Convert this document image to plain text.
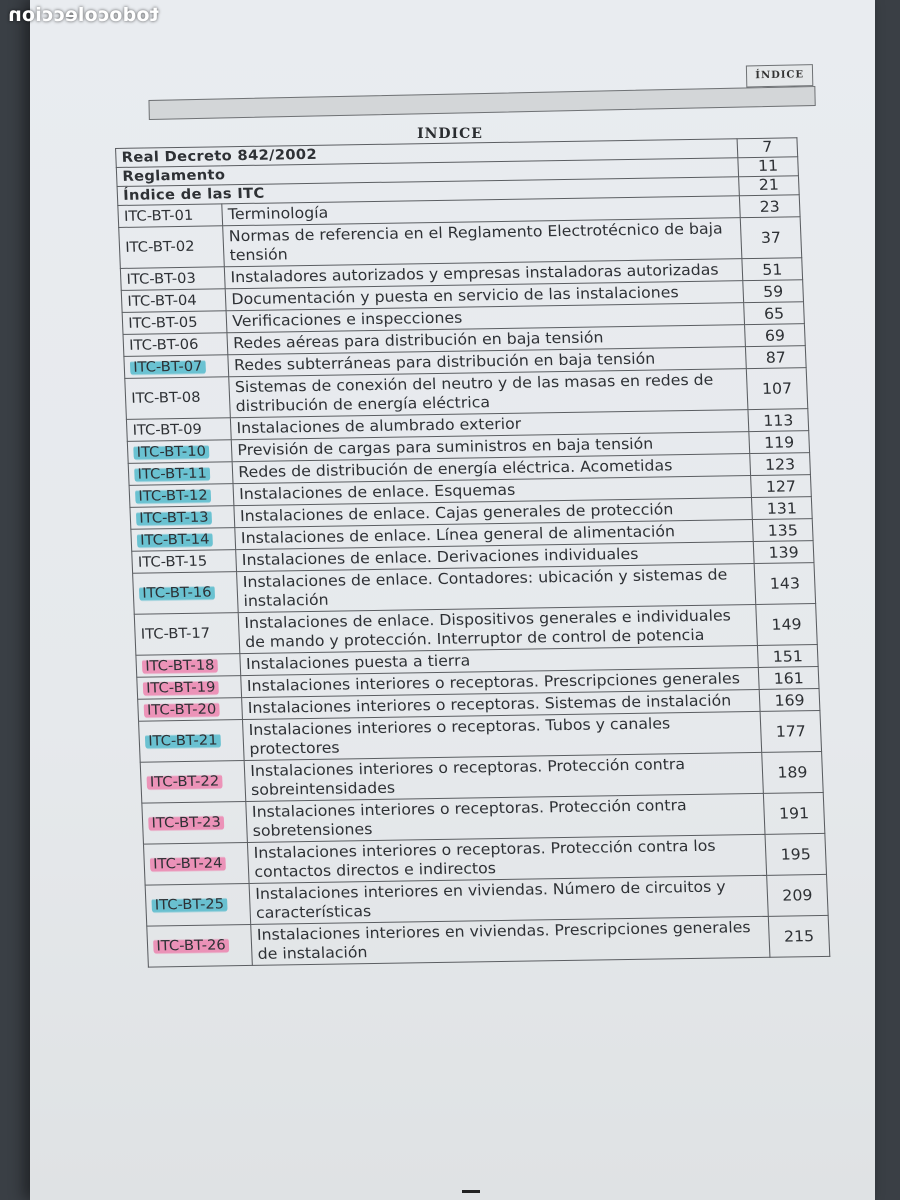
ÍNDICE
todocoleccion
INDICE
Real Decreto 842/2002		7
Reglamento		11
Índice de las ITC		21
ITC-BT-01	Terminología	23
ITC-BT-02	Normas de referencia en el Reglamento Electrotécnico de baja tensión	37
ITC-BT-03	Instaladores autorizados y empresas instaladoras autorizadas	51
ITC-BT-04	Documentación y puesta en servicio de las instalaciones	59
ITC-BT-05	Verificaciones e inspecciones	65
ITC-BT-06	Redes aéreas para distribución en baja tensión	69
ITC-BT-07	Redes subterráneas para distribución en baja tensión	87
ITC-BT-08	Sistemas de conexión del neutro y de las masas en redes de distribución de energía eléctrica	107
ITC-BT-09	Instalaciones de alumbrado exterior	113
ITC-BT-10	Previsión de cargas para suministros en baja tensión	119
ITC-BT-11	Redes de distribución de energía eléctrica. Acometidas	123
ITC-BT-12	Instalaciones de enlace. Esquemas	127
ITC-BT-13	Instalaciones de enlace. Cajas generales de protección	131
ITC-BT-14	Instalaciones de enlace. Línea general de alimentación	135
ITC-BT-15	Instalaciones de enlace. Derivaciones individuales	139
ITC-BT-16	Instalaciones de enlace. Contadores: ubicación y sistemas de instalación	143
ITC-BT-17	Instalaciones de enlace. Dispositivos generales e individuales de mando y protección. Interruptor de control de potencia	149
ITC-BT-18	Instalaciones puesta a tierra	151
ITC-BT-19	Instalaciones interiores o receptoras. Prescripciones generales	161
ITC-BT-20	Instalaciones interiores o receptoras. Sistemas de instalación	169
ITC-BT-21	Instalaciones interiores o receptoras. Tubos y canales protectores	177
ITC-BT-22	Instalaciones interiores o receptoras. Protección contra sobreintensidades	189
ITC-BT-23	Instalaciones interiores o receptoras. Protección contra sobretensiones	191
ITC-BT-24	Instalaciones interiores o receptoras. Protección contra los contactos directos e indirectos	195
ITC-BT-25	Instalaciones interiores en viviendas. Número de circuitos y características	209
ITC-BT-26	Instalaciones interiores en viviendas. Prescripciones generales de instalación	215
